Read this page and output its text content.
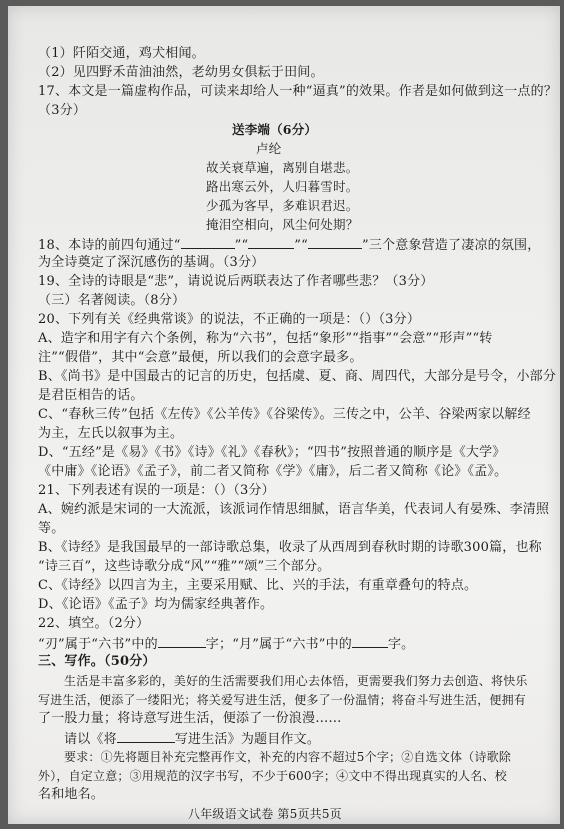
（1）阡陌交通，鸡犬相闻。
（2）见四野禾苗油油然，老幼男女俱耘于田间。
17、本文是一篇虚构作品，可读来却给人一种“逼真”的效果。作者是如何做到这一点的？
（3分）
送李端（6分）
卢纶
故关衰草遍，离别自堪悲。
路出寒云外，人归暮雪时。
少孤为客早，多难识君迟。
掩泪空相向，风尘何处期？
18、本诗的前四句通过“	”“	”“	”三个意象营造了凄凉的氛围，
为全诗奠定了深沉感伤的基调。（3分）
19、全诗的诗眼是“悲”，请说说后两联表达了作者哪些悲？（3分）
（三）名著阅读。（8分）
20、下列有关《经典常谈》的说法，不正确的一项是：（）（3分）
A、造字和用字有六个条例，称为“六书”，包括“象形”“指事”“会意”“形声”“转
注”“假借”，其中“会意”最便，所以我们的会意字最多。
B、《尚书》是中国最古的记言的历史，包括虞、夏、商、周四代，大部分是号令，小部分
是君臣相告的话。
C、“春秋三传”包括《左传》《公羊传》《谷梁传》。三传之中，公羊、谷梁两家以解经
为主，左氏以叙事为主。
D、“五经”是《易》《书》《诗》《礼》《春秋》；“四书”按照普通的顺序是《大学》
《中庸》《论语》《孟子》，前二者又简称《学》《庸》，后二者又简称《论》《孟》。
21、下列表述有误的一项是：（）（3分）
A、婉约派是宋词的一大流派，该派词作情思细腻，语言华美，代表词人有晏殊、李清照
等。
B、《诗经》是我国最早的一部诗歌总集，收录了从西周到春秋时期的诗歌300篇，也称
“诗三百”，这些诗歌分成“风”“雅”“颂”三个部分。
C、《诗经》以四言为主，主要采用赋、比、兴的手法，有重章叠句的特点。
D、《论语》《孟子》均为儒家经典著作。
22、填空。（2分）
“刃”属于“六书”中的	字；“月”属于“六书”中的	字。
三、写作。（50分）
生活是丰富多彩的，美好的生活需要我们用心去体悟，更需要我们努力去创造、将快乐
写进生活，便添了一缕阳光；将关爱写进生活，便多了一份温情；将奋斗写进生活，便拥有
了一股力量；将诗意写进生活，便添了一份浪漫……
请以《将	写进生活》为题目作文。
要求：①先将题目补充完整再作文，补充的内容不超过5个字；②自选文体（诗歌除
外），自定立意；③用规范的汉字书写，不少于600字；④文中不得出现真实的人名、校
名和地名。
八年级语文试卷 第5页共5页
